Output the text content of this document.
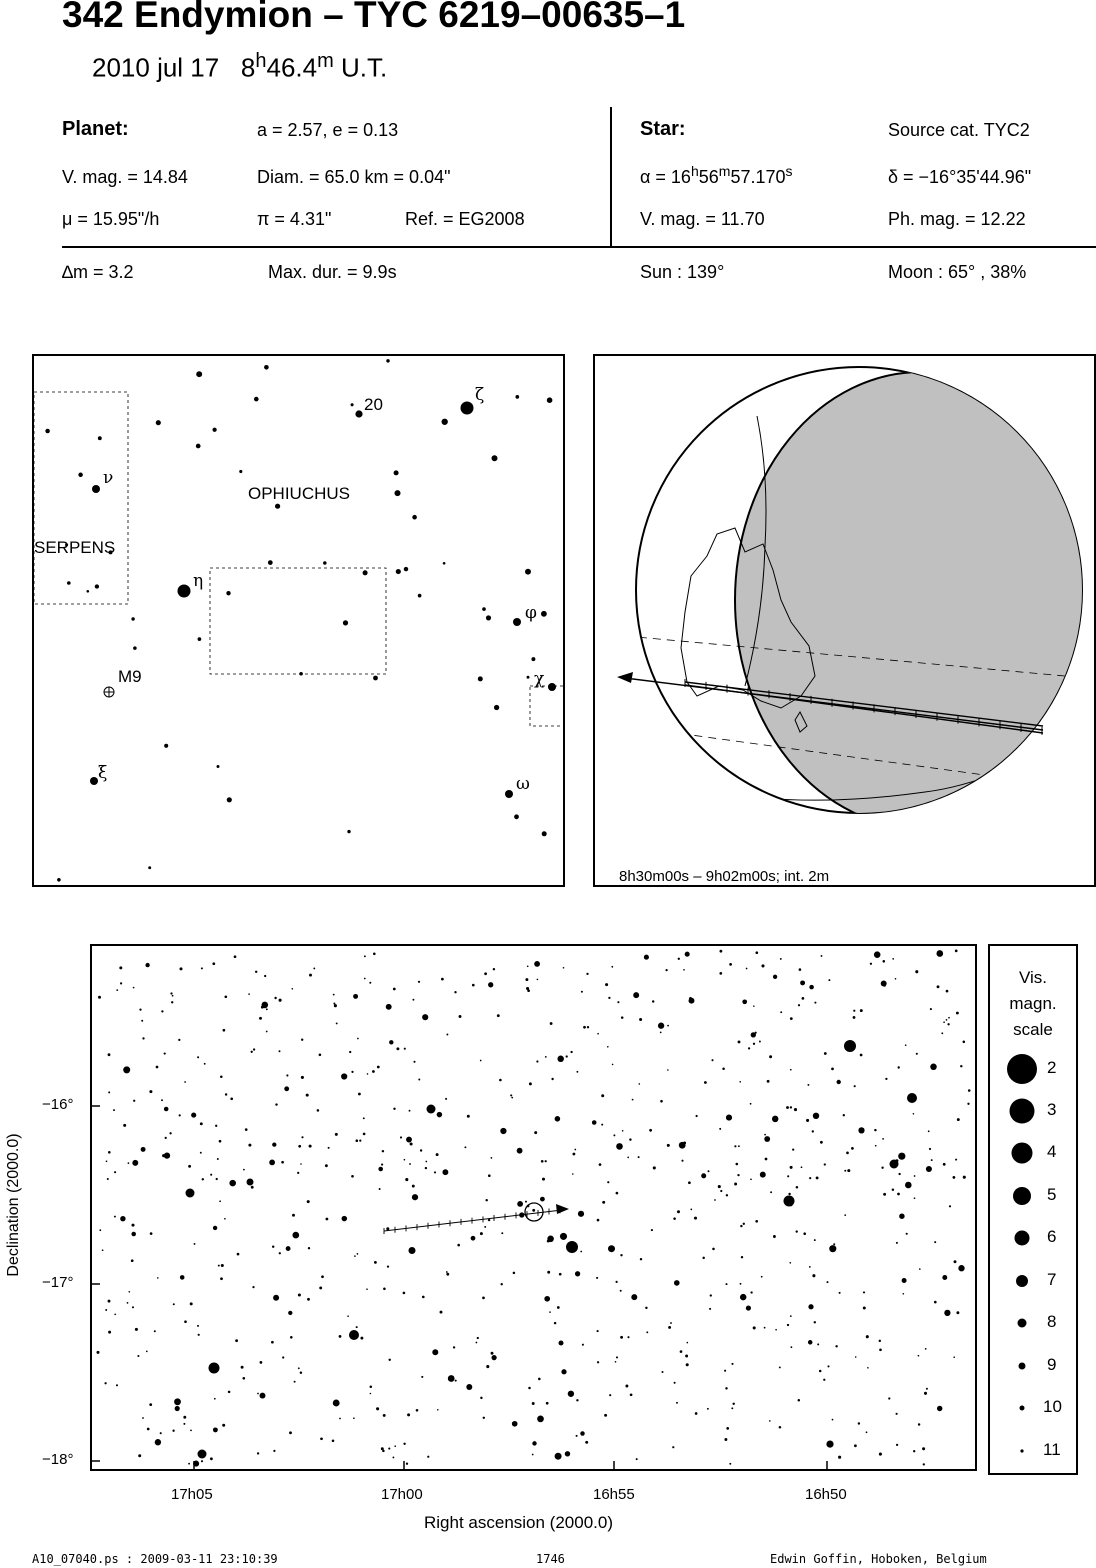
342 Endymion – TYC 6219–00635–1
2010 jul 17 8$^h$46.4$^m$ U.T.
Planet:	a = 2.57, e = 0.13
V. mag. = 14.84	Diam. = 65.0 km = 0.04"
μ = 15.95"/h	π = 4.31"	Ref. = EG2008
Star:	Source cat. TYC2
$\alpha = 16^h56^m57.170^s$	δ = −16°35'44.96"
V. mag. = 11.70	Ph. mag. = 12.22
∆m = 3.2	Max. dur. = 9.9s	Sun : 139°	Moon : 65° , 38%
20	ζ
ν
OPHIUCHUS
SERPENS
η
φ
M9	χ
ξ
ω
8h30m00s – 9h02m00s; int. 2m
−16°
−17°
−18°
17h05	17h00	16h55	16h50
Right ascension (2000.0)
Declination (2000.0)
Vis.
magn.
scale
2
3
4
5
6
7
8
9
10
11
A10_07040.ps : 2009-03-11 23:10:39	1746	Edwin Goffin, Hoboken, Belgium
